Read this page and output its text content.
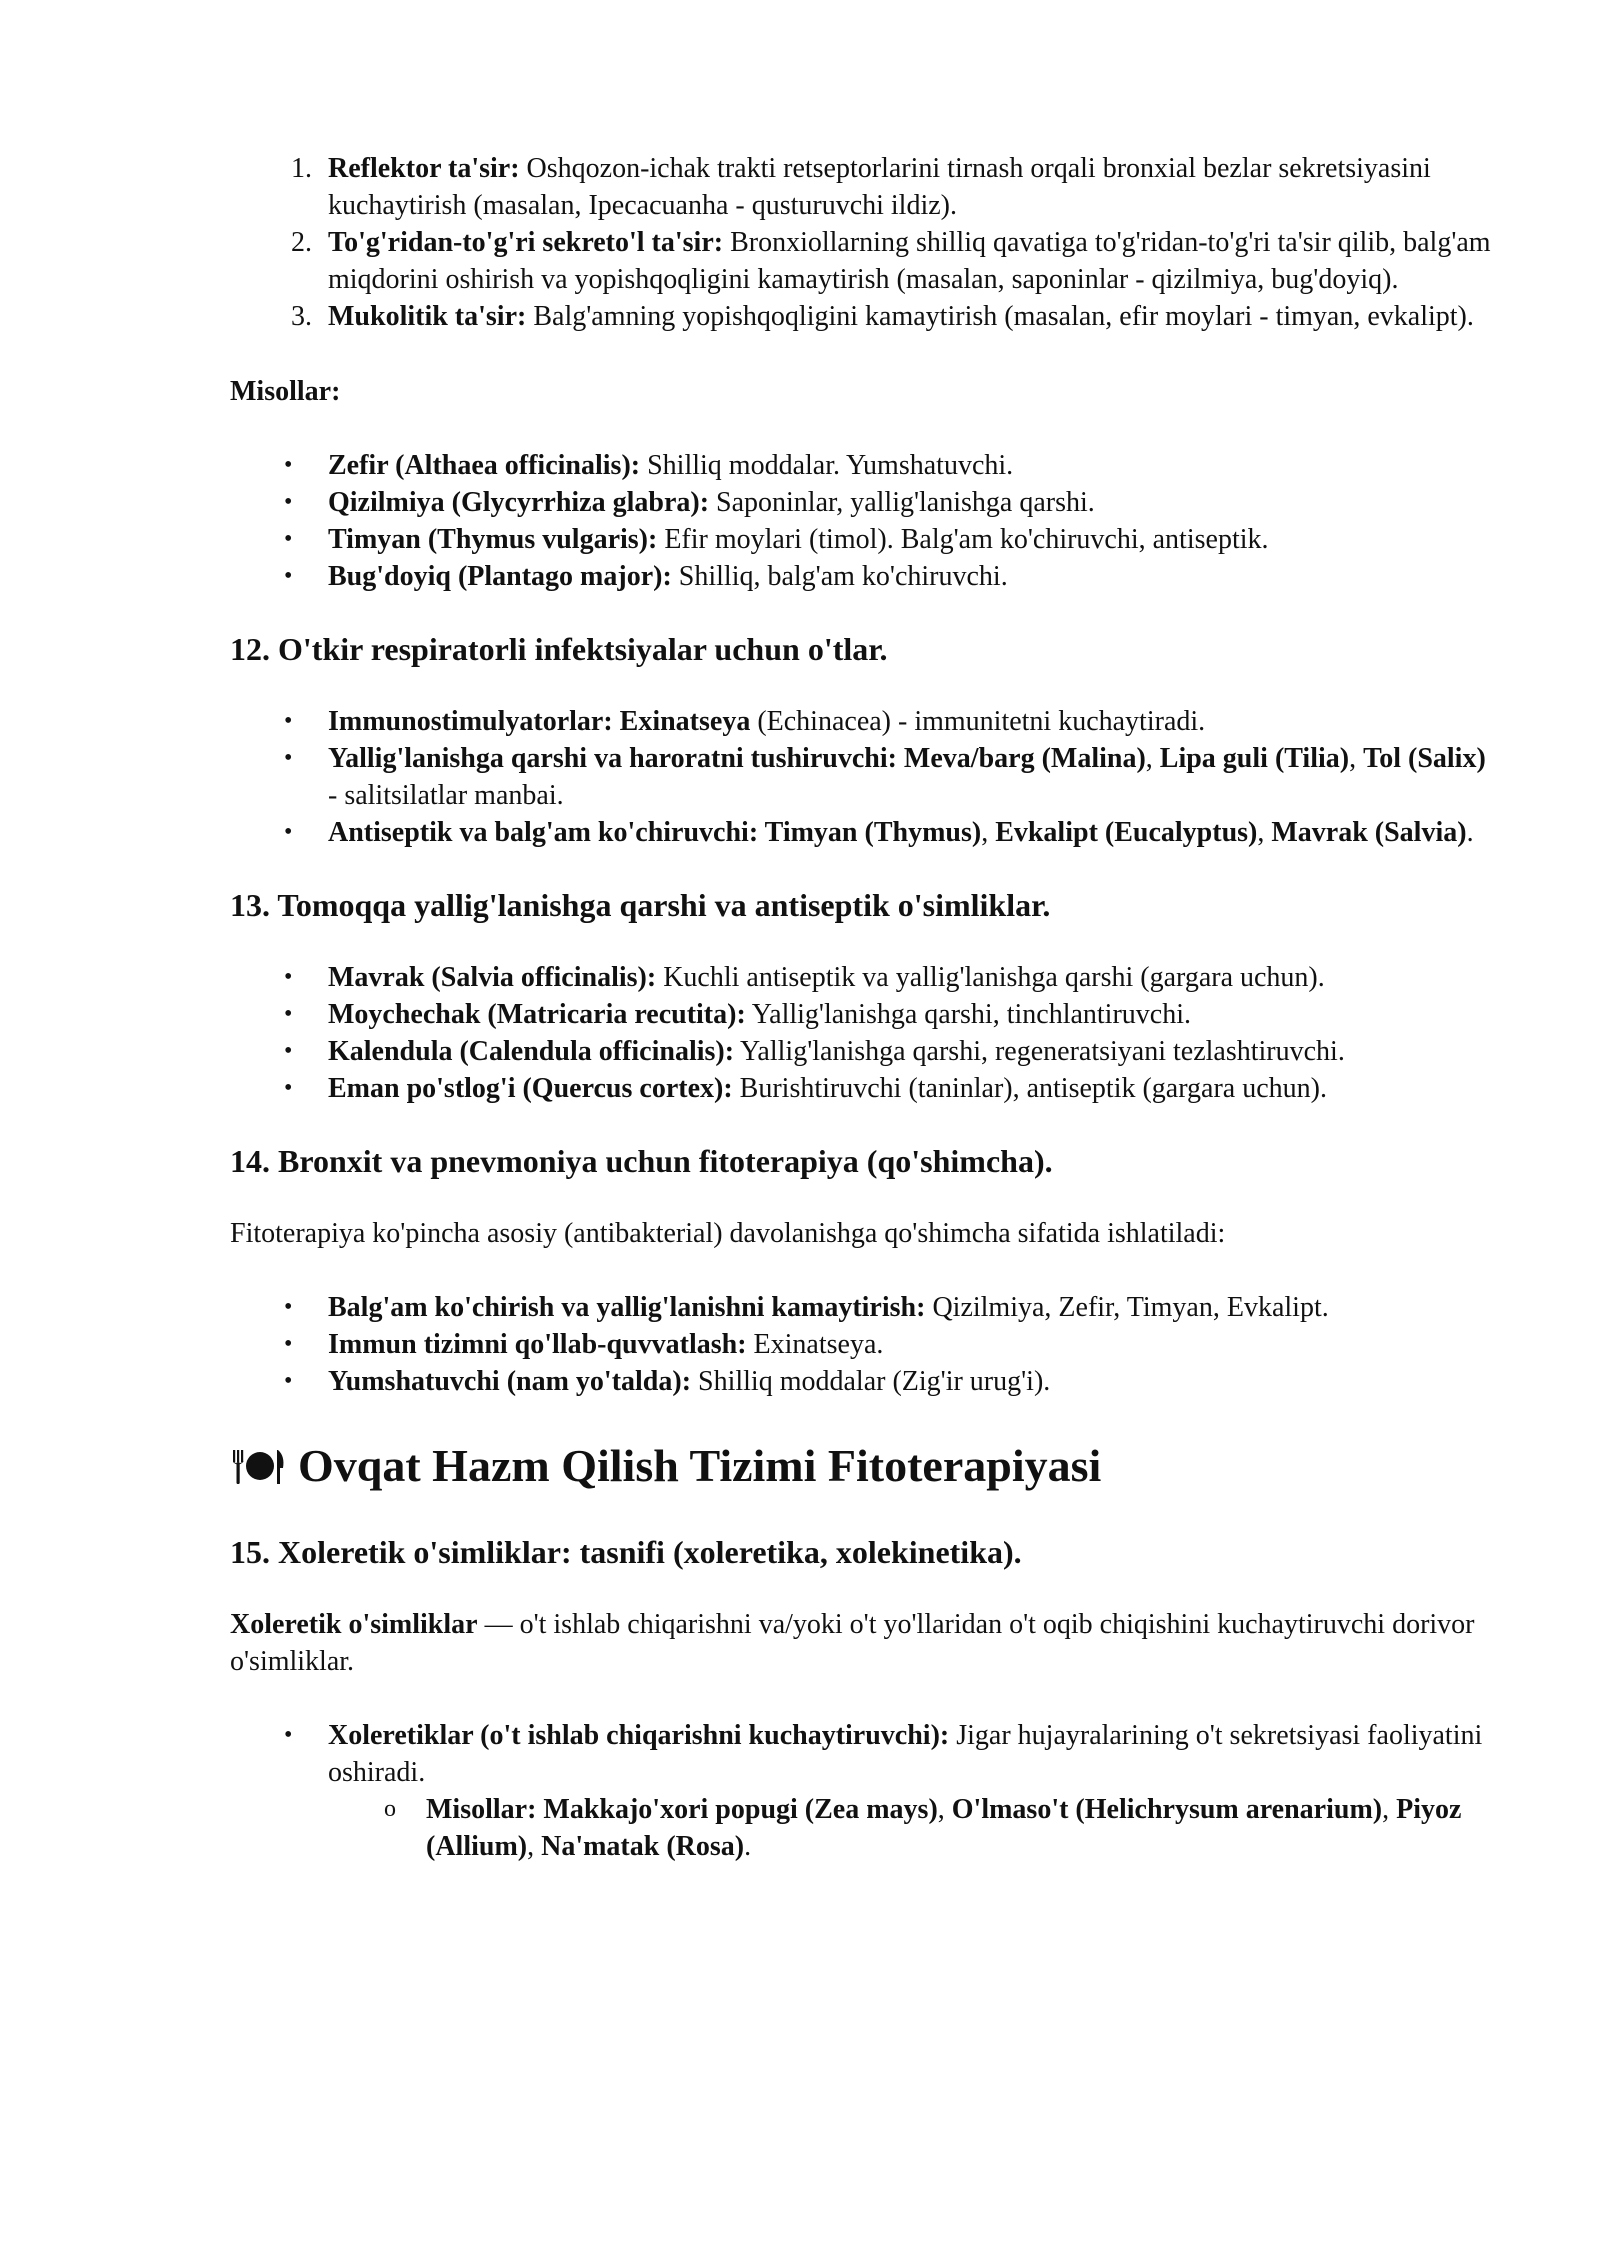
1. Reflektor ta'sir: Oshqozon-ichak trakti retseptorlarini tirnash orqali bronxial bezlar sekretsiyasini kuchaytirish (masalan, Ipecacuanha - qusturuvchi ildiz).
2. To'g'ridan-to'g'ri sekreto'l ta'sir: Bronxiollarning shilliq qavatiga to'g'ridan-to'g'ri ta'sir qilib, balg'am miqdorini oshirish va yopishqoqligini kamaytirish (masalan, saponinlar - qizilmiya, bug'doyiq).
3. Mukolitik ta'sir: Balg'amning yopishqoqligini kamaytirish (masalan, efir moylari - timyan, evkalipt).
Misollar:
• Zefir (Althaea officinalis): Shilliq moddalar. Yumshatuvchi.
• Qizilmiya (Glycyrrhiza glabra): Saponinlar, yallig'lanishga qarshi.
• Timyan (Thymus vulgaris): Efir moylari (timol). Balg'am ko'chiruvchi, antiseptik.
• Bug'doyiq (Plantago major): Shilliq, balg'am ko'chiruvchi.
12. O'tkir respiratorli infektsiyalar uchun o'tlar.
• Immunostimulyatorlar: Exinatseya (Echinacea) - immunitetni kuchaytiradi.
• Yallig'lanishga qarshi va haroratni tushiruvchi: Meva/barg (Malina), Lipa guli (Tilia), Tol (Salix) - salitsilatlar manbai.
• Antiseptik va balg'am ko'chiruvchi: Timyan (Thymus), Evkalipt (Eucalyptus), Mavrak (Salvia).
13. Tomoqqa yallig'lanishga qarshi va antiseptik o'simliklar.
• Mavrak (Salvia officinalis): Kuchli antiseptik va yallig'lanishga qarshi (gargara uchun).
• Moychechak (Matricaria recutita): Yallig'lanishga qarshi, tinchlantiruvchi.
• Kalendula (Calendula officinalis): Yallig'lanishga qarshi, regeneratsiyani tezlashtiruvchi.
• Eman po'stlog'i (Quercus cortex): Burishtiruvchi (taninlar), antiseptik (gargara uchun).
14. Bronxit va pnevmoniya uchun fitoterapiya (qo'shimcha).

Fitoterapiya ko'pincha asosiy (antibakterial) davolanishga qo'shimcha sifatida ishlatiladi:

• Balg'am ko'chirish va yallig'lanishni kamaytirish: Qizilmiya, Zefir, Timyan, Evkalipt.
• Immun tizimni qo'llab-quvvatlash: Exinatseya.
• Yumshatuvchi (nam yo'talda): Shilliq moddalar (Zig'ir urug'i).
Ovqat Hazm Qilish Tizimi Fitoterapiyasi
15. Xoleretik o'simliklar: tasnifi (xoleretika, xolekinetika).

Xoleretik o'simliklar — o't ishlab chiqarishni va/yoki o't yo'llaridan o't oqib chiqishini kuchaytiruvchi dorivor o'simliklar.

• Xoleretiklar (o't ishlab chiqarishni kuchaytiruvchi): Jigar hujayralarining o't sekretsiyasi faoliyatini oshiradi.
o Misollar: Makkajo'xori popugi (Zea mays), O'lmaso't (Helichrysum arenarium), Piyoz (Allium), Na'matak (Rosa).
